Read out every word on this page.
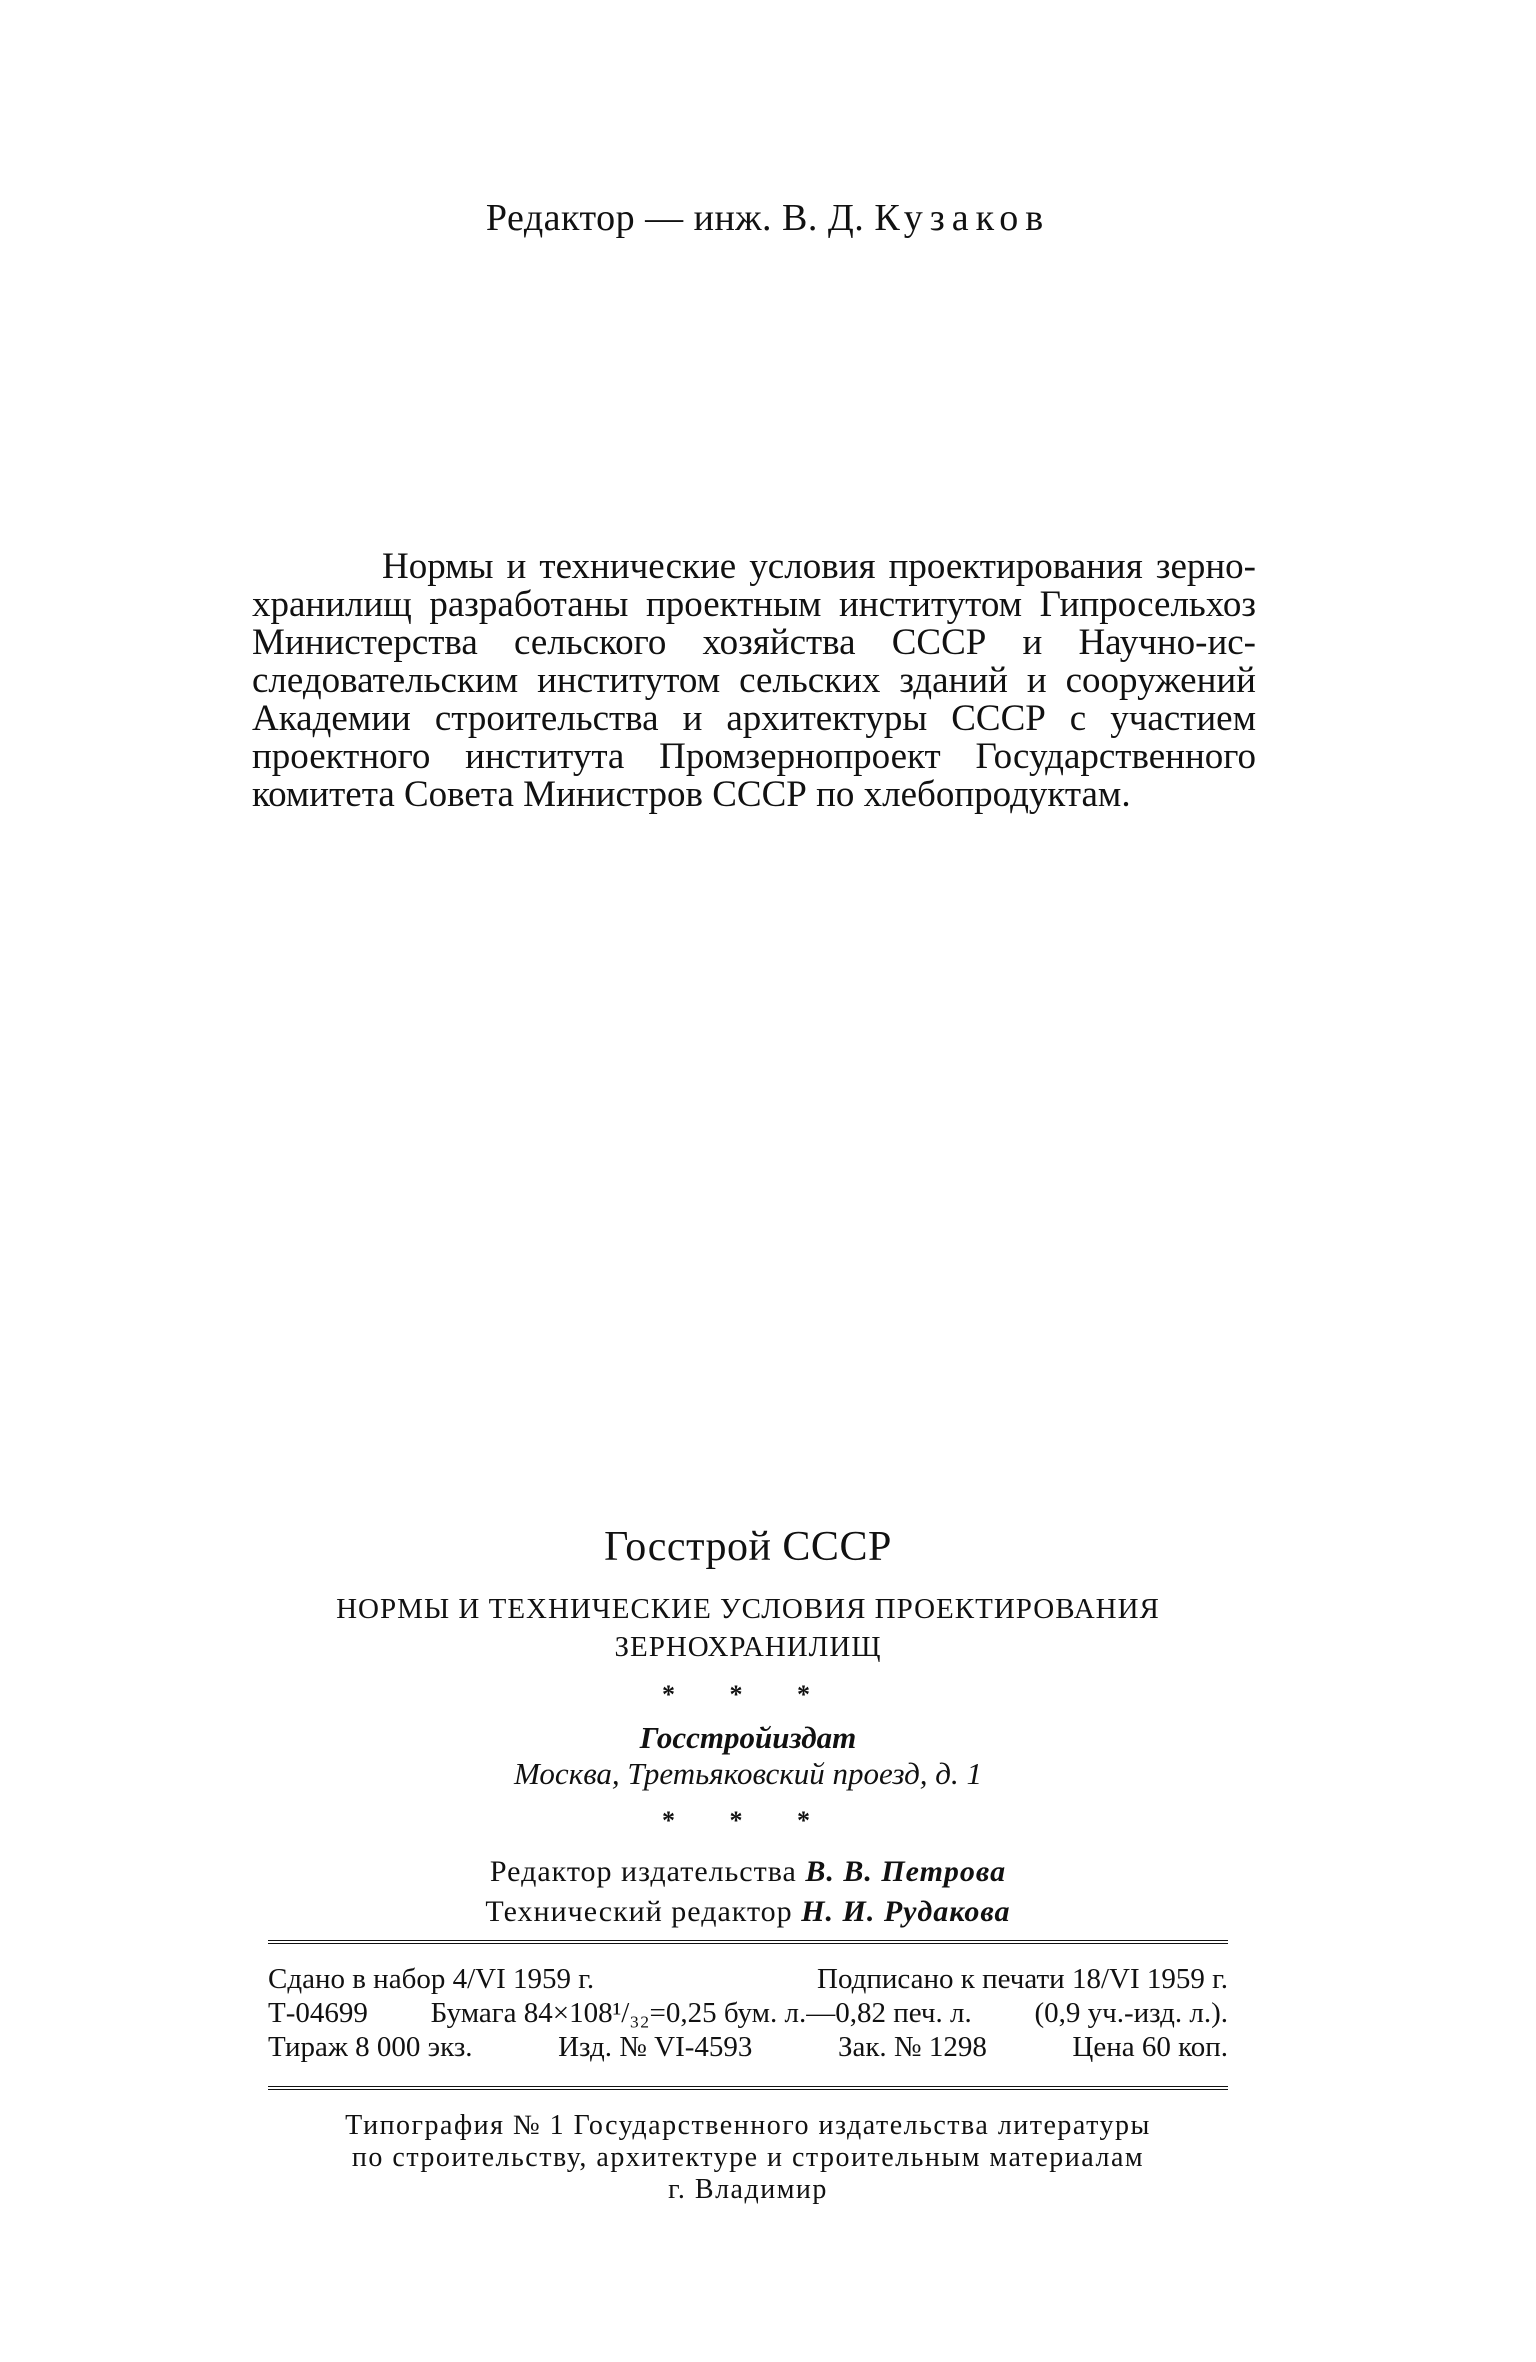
Редактор — инж. В. Д. Кузаков
Нормы и технические условия проектирования зернохранилищ разработаны проектным институтом Гипросельхоз Министерства сельского хозяйства СССР и Научно-исследовательским институтом сельских зданий и сооружений Академии строительства и архитектуры СССР с участием проектного института Промзернопроект Государственного комитета Совета Министров СССР по хлебопродуктам.
Госстрой СССР
НОРМЫ И ТЕХНИЧЕСКИЕ УСЛОВИЯ ПРОЕКТИРОВАНИЯ
ЗЕРНОХРАНИЛИЩ
* * *
Госстройиздат
Москва, Третьяковский проезд, д. 1
* * *
Редактор издательства В. В. Петрова
Технический редактор Н. И. Рудакова
Сдано в набор 4/VI 1959 г.	Подписано к печати 18/VI 1959 г.
Т-04699 Бумага 84×108¹/₃₂=0,25 бум. л.—0,82 печ. л. (0,9 уч.-изд. л.).
Тираж 8 000 экз.	Изд. № VI-4593	Зак. № 1298	Цена 60 коп.
Типография № 1 Государственного издательства литературы
по строительству, архитектуре и строительным материалам
г. Владимир
